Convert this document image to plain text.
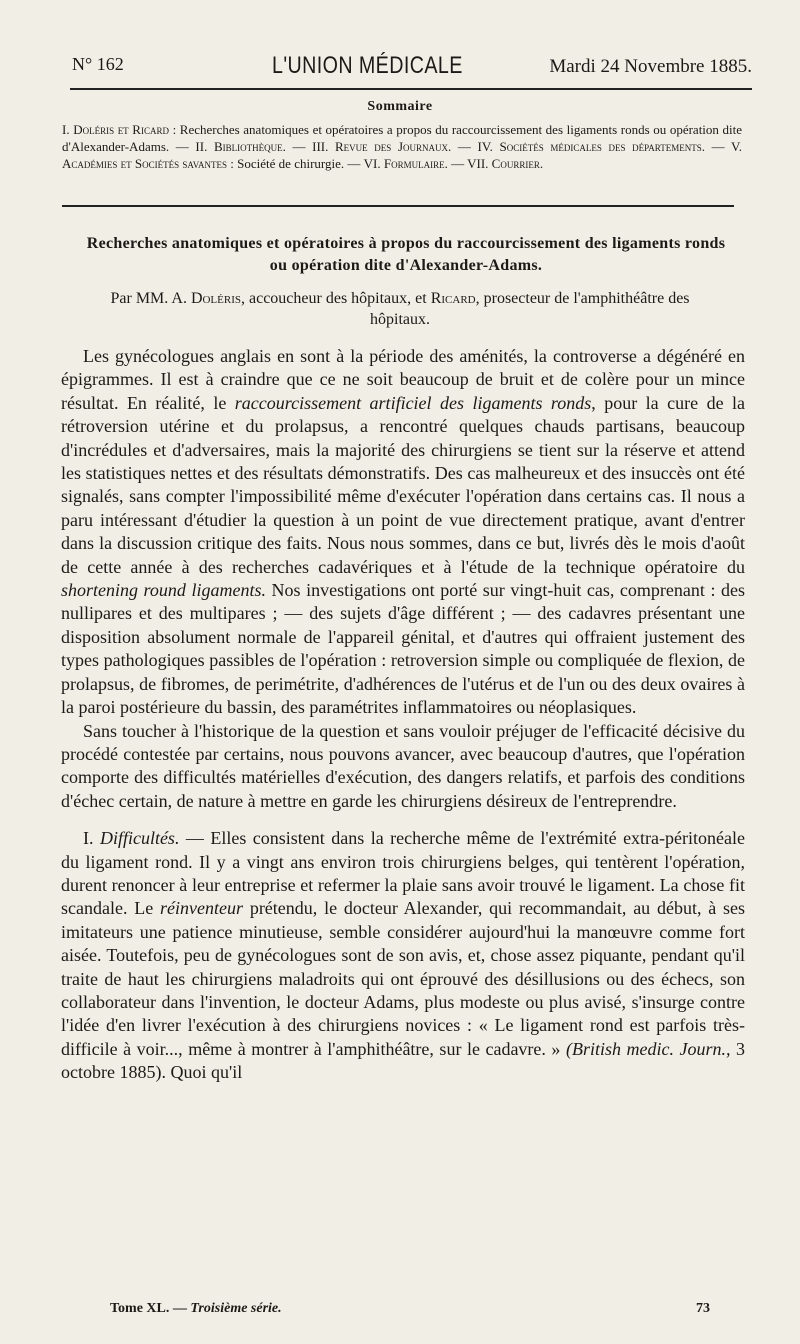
N° 162	L'UNION MÉDICALE	Mardi 24 Novembre 1885.
Sommaire
I. Doléris et Ricard : Recherches anatomiques et opératoires a propos du raccourcissement des ligaments ronds ou opération dite d'Alexander-Adams. — II. Bibliothèque. — III. Revue des Journaux. — IV. Sociétés médicales des départements. — V. Académies et Sociétés savantes : Société de chirurgie. — VI. Formulaire. — VII. Courrier.
Recherches anatomiques et opératoires à propos du raccourcissement des ligaments ronds ou opération dite d'Alexander-Adams.
Par MM. A. Doléris, accoucheur des hôpitaux, et Ricard, prosecteur de l'amphithéâtre des hôpitaux.

Les gynécologues anglais en sont à la période des aménités, la controverse a dégénéré en épigrammes. Il est à craindre que ce ne soit beaucoup de bruit et de colère pour un mince résultat. En réalité, le raccourcissement artificiel des ligaments ronds, pour la cure de la rétroversion utérine et du prolapsus, a rencontré quelques chauds partisans, beaucoup d'incrédules et d'adversaires, mais la majorité des chirurgiens se tient sur la réserve et attend les statistiques nettes et des résultats démonstratifs. Des cas malheureux et des insuccès ont été signalés, sans compter l'impossibilité même d'exécuter l'opération dans certains cas. Il nous a paru intéressant d'étudier la question à un point de vue directement pratique, avant d'entrer dans la discussion critique des faits. Nous nous sommes, dans ce but, livrés dès le mois d'août de cette année à des recherches cadavériques et à l'étude de la technique opératoire du shortening round ligaments. Nos investigations ont porté sur vingt-huit cas, comprenant : des nullipares et des multipares ; — des sujets d'âge différent ; — des cadavres présentant une disposition absolument normale de l'appareil génital, et d'autres qui offraient justement des types pathologiques passibles de l'opération : retroversion simple ou compliquée de flexion, de prolapsus, de fibromes, de perimétrite, d'adhérences de l'utérus et de l'un ou des deux ovaires à la paroi postérieure du bassin, des paramétrites inflammatoires ou néoplasiques.

Sans toucher à l'historique de la question et sans vouloir préjuger de l'efficacité décisive du procédé contestée par certains, nous pouvons avancer, avec beaucoup d'autres, que l'opération comporte des difficultés matérielles d'exécution, des dangers relatifs, et parfois des conditions d'échec certain, de nature à mettre en garde les chirurgiens désireux de l'entreprendre.

I. Difficultés. — Elles consistent dans la recherche même de l'extrémité extra-péritonéale du ligament rond. Il y a vingt ans environ trois chirurgiens belges, qui tentèrent l'opération, durent renoncer à leur entreprise et refermer la plaie sans avoir trouvé le ligament. La chose fit scandale. Le réinventeur prétendu, le docteur Alexander, qui recommandait, au début, à ses imitateurs une patience minutieuse, semble considérer aujourd'hui la manœuvre comme fort aisée. Toutefois, peu de gynécologues sont de son avis, et, chose assez piquante, pendant qu'il traite de haut les chirurgiens maladroits qui ont éprouvé des désillusions ou des échecs, son collaborateur dans l'invention, le docteur Adams, plus modeste ou plus avisé, s'insurge contre l'idée d'en livrer l'exécution à des chirurgiens novices : « Le ligament rond est parfois très-difficile à voir..., même à montrer à l'amphithéâtre, sur le cadavre. » (British medic. Journ., 3 octobre 1885). Quoi qu'il

Tome XL. — Troisième série.	73
